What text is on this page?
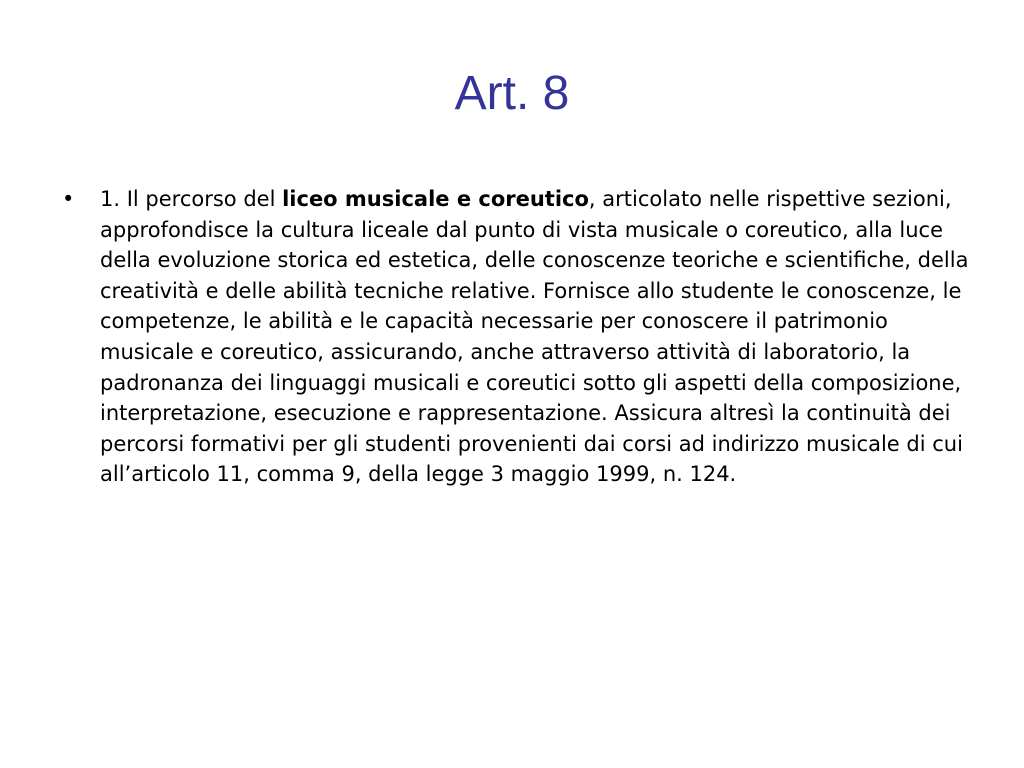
Art. 8
• 1. Il percorso del liceo musicale e coreutico, articolato nelle rispettive sezioni, approfondisce la cultura liceale dal punto di vista musicale o coreutico, alla luce della evoluzione storica ed estetica, delle conoscenze teoriche e scientifiche, della creatività e delle abilità tecniche relative. Fornisce allo studente le conoscenze, le competenze, le abilità e le capacità necessarie per conoscere il patrimonio musicale e coreutico, assicurando, anche attraverso attività di laboratorio, la padronanza dei linguaggi musicali e coreutici sotto gli aspetti della composizione, interpretazione, esecuzione e rappresentazione. Assicura altresì la continuità dei percorsi formativi per gli studenti provenienti dai corsi ad indirizzo musicale di cui all’articolo 11, comma 9, della legge 3 maggio 1999, n. 124.
